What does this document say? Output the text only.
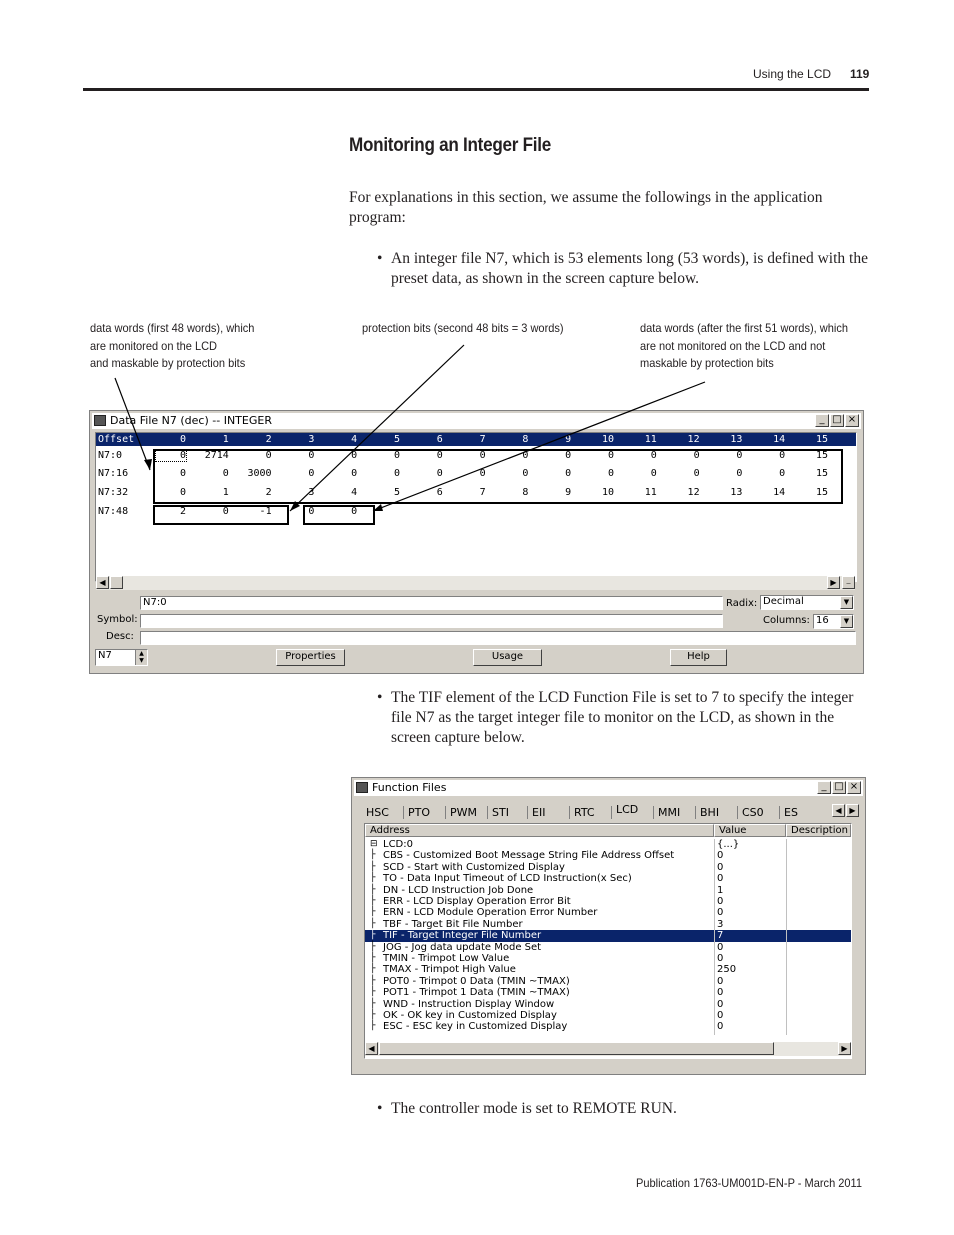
Using the LCD 119
Monitoring an Integer File

For explanations in this section, we assume the followings in the application program:

• An integer file N7, which is 53 elements long (53 words), is defined with the preset data, as shown in the screen capture below.
data words (first 48 words), which
are monitored on the LCD
and maskable by protection bits
protection bits (second 48 bits = 3 words)	data words (after the first 51 words), which
are not monitored on the LCD and not
maskable by protection bits
Data File N7 (dec) -- INTEGER	_ □ ×
Offset	0	1	2	3	4	5	6	7	8	9	10	11	12	13	14	15
N7:0	0	2714	0	0	0	0	0	0	0	0	0	0	0	0	0	15
N7:16	0	0	3000	0	0	0	0	0	0	0	0	0	0	0	0	15
N7:32	0	1	2	3	4	5	6	7	8	9	10	11	12	13	14	15
N7:48	2	0	-1	0	0
◀	▶	–
N7:0
Symbol:
Desc:
Radix: Decimal	▼
Columns: 16	▼
N7	▲
▼	Properties	Usage	Help
• The TIF element of the LCD Function File is set to 7 to specify the integer file N7 as the target integer file to monitor on the LCD, as shown in the screen capture below.
Function Files	_ □ ×
HSC PTO PWM STI EII	RTC LCD MMI BHI CS0 ES	◀ ▶
Address	Value	Description
⊟ LCD:0	{...}
├ CBS - Customized Boot Message String File Address Offset	0
├ SCD - Start with Customized Display	0
├ TO - Data Input Timeout of LCD Instruction(x Sec)	0
├ DN - LCD Instruction Job Done	1
├ ERR - LCD Display Operation Error Bit	0
├ ERN - LCD Module Operation Error Number	0
├ TBF - Target Bit File Number	3
├ TIF - Target Integer File Number	7
├ JOG - Jog data update Mode Set	0
├ TMIN - Trimpot Low Value	0
├ TMAX - Trimpot High Value	250
├ POT0 - Trimpot 0 Data (TMIN ~TMAX)	0
├ POT1 - Trimpot 1 Data (TMIN ~TMAX)	0
├ WND - Instruction Display Window	0
├ OK - OK key in Customized Display	0
├ ESC - ESC key in Customized Display	0
◀	▶
• The controller mode is set to REMOTE RUN.
Publication 1763-UM001D-EN-P - March 2011
